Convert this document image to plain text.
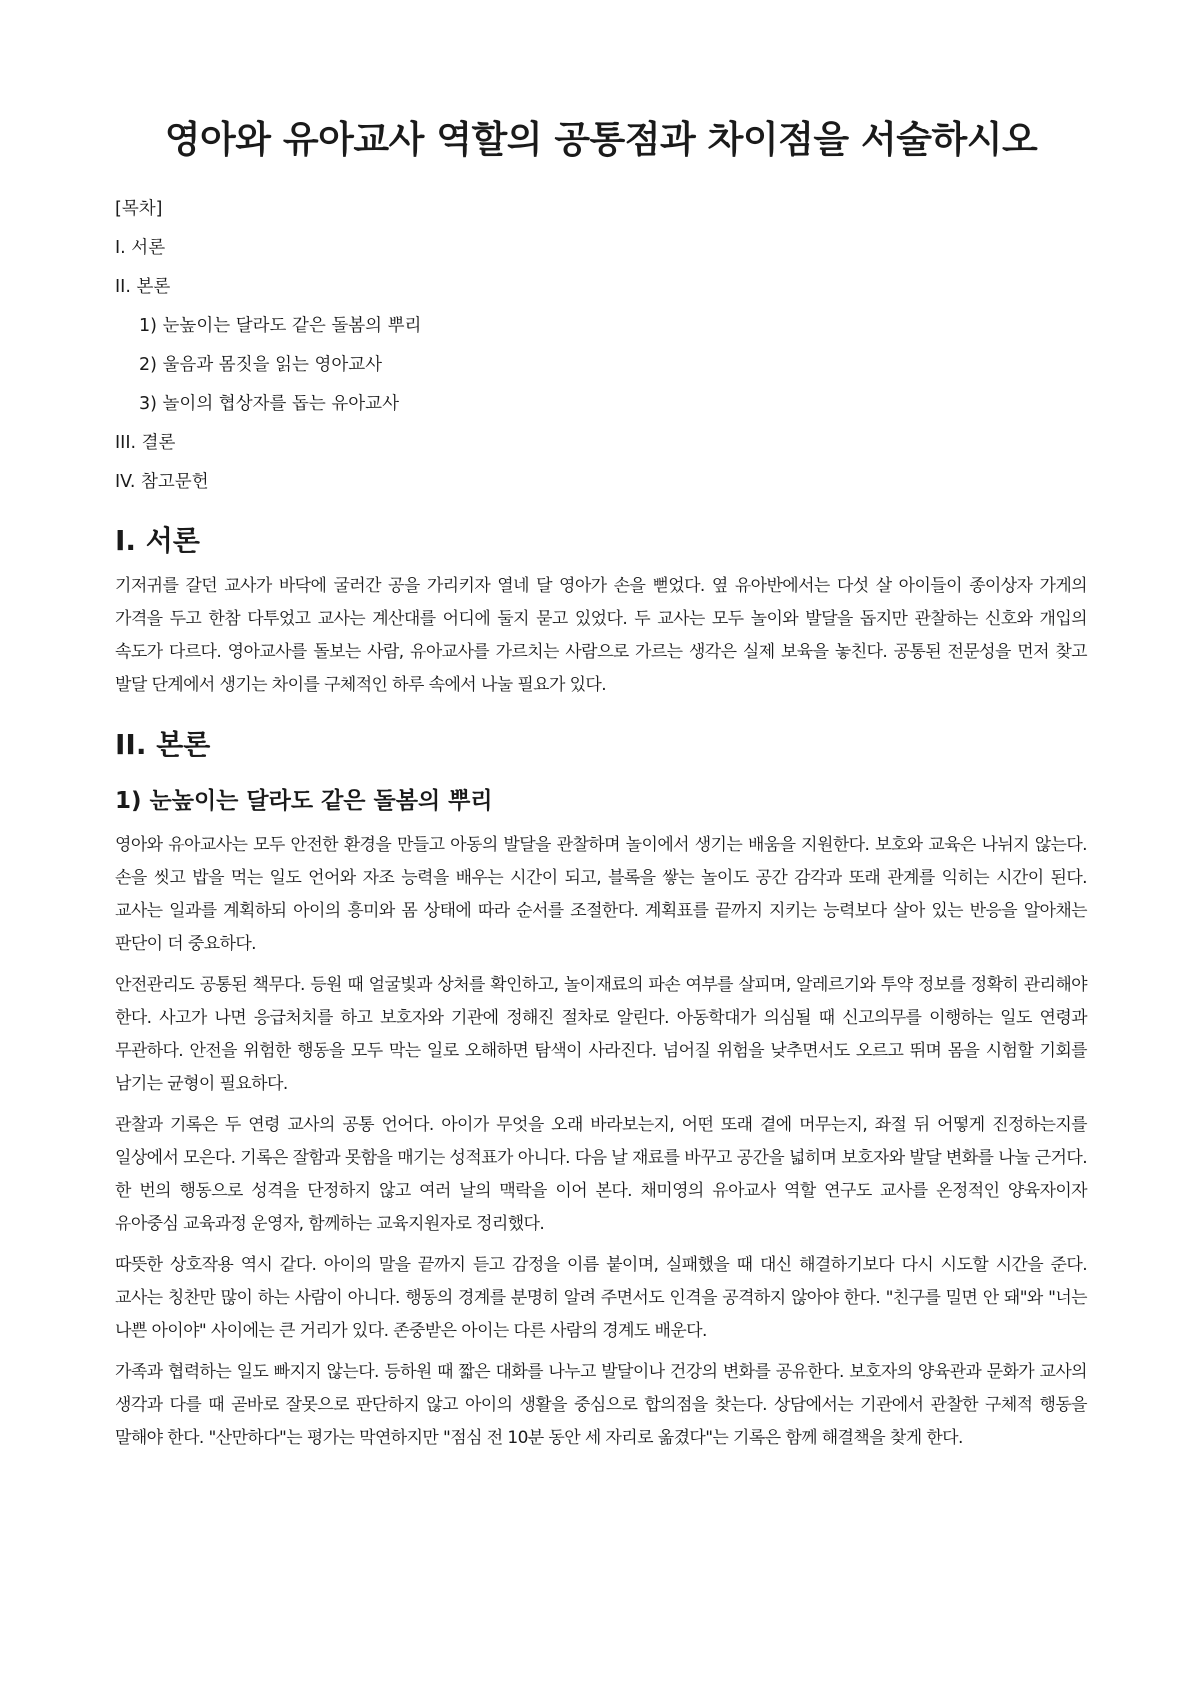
영아와 유아교사 역할의 공통점과 차이점을 서술하시오
[목차]
I. 서론
II. 본론
1) 눈높이는 달라도 같은 돌봄의 뿌리
2) 울음과 몸짓을 읽는 영아교사
3) 놀이의 협상자를 돕는 유아교사
III. 결론
IV. 참고문헌
I. 서론

기저귀를 갈던 교사가 바닥에 굴러간 공을 가리키자 열네 달 영아가 손을 뻗었다. 옆 유아반에서는 다섯 살 아이들이 종이상자 가게의 가격을 두고 한참 다투었고 교사는 계산대를 어디에 둘지 묻고 있었다. 두 교사는 모두 놀이와 발달을 돕지만 관찰하는 신호와 개입의 속도가 다르다. 영아교사를 돌보는 사람, 유아교사를 가르치는 사람으로 가르는 생각은 실제 보육을 놓친다. 공통된 전문성을 먼저 찾고 발달 단계에서 생기는 차이를 구체적인 하루 속에서 나눌 필요가 있다.

II. 본론
1) 눈높이는 달라도 같은 돌봄의 뿌리

영아와 유아교사는 모두 안전한 환경을 만들고 아동의 발달을 관찰하며 놀이에서 생기는 배움을 지원한다. 보호와 교육은 나뉘지 않는다. 손을 씻고 밥을 먹는 일도 언어와 자조 능력을 배우는 시간이 되고, 블록을 쌓는 놀이도 공간 감각과 또래 관계를 익히는 시간이 된다. 교사는 일과를 계획하되 아이의 흥미와 몸 상태에 따라 순서를 조절한다. 계획표를 끝까지 지키는 능력보다 살아 있는 반응을 알아채는 판단이 더 중요하다.

안전관리도 공통된 책무다. 등원 때 얼굴빛과 상처를 확인하고, 놀이재료의 파손 여부를 살피며, 알레르기와 투약 정보를 정확히 관리해야 한다. 사고가 나면 응급처치를 하고 보호자와 기관에 정해진 절차로 알린다. 아동학대가 의심될 때 신고의무를 이행하는 일도 연령과 무관하다. 안전을 위험한 행동을 모두 막는 일로 오해하면 탐색이 사라진다. 넘어질 위험을 낮추면서도 오르고 뛰며 몸을 시험할 기회를 남기는 균형이 필요하다.

관찰과 기록은 두 연령 교사의 공통 언어다. 아이가 무엇을 오래 바라보는지, 어떤 또래 곁에 머무는지, 좌절 뒤 어떻게 진정하는지를 일상에서 모은다. 기록은 잘함과 못함을 매기는 성적표가 아니다. 다음 날 재료를 바꾸고 공간을 넓히며 보호자와 발달 변화를 나눌 근거다. 한 번의 행동으로 성격을 단정하지 않고 여러 날의 맥락을 이어 본다. 채미영의 유아교사 역할 연구도 교사를 온정적인 양육자이자 유아중심 교육과정 운영자, 함께하는 교육지원자로 정리했다.

따뜻한 상호작용 역시 같다. 아이의 말을 끝까지 듣고 감정을 이름 붙이며, 실패했을 때 대신 해결하기보다 다시 시도할 시간을 준다. 교사는 칭찬만 많이 하는 사람이 아니다. 행동의 경계를 분명히 알려 주면서도 인격을 공격하지 않아야 한다. "친구를 밀면 안 돼"와 "너는 나쁜 아이야" 사이에는 큰 거리가 있다. 존중받은 아이는 다른 사람의 경계도 배운다.

가족과 협력하는 일도 빠지지 않는다. 등하원 때 짧은 대화를 나누고 발달이나 건강의 변화를 공유한다. 보호자의 양육관과 문화가 교사의 생각과 다를 때 곧바로 잘못으로 판단하지 않고 아이의 생활을 중심으로 합의점을 찾는다. 상담에서는 기관에서 관찰한 구체적 행동을 말해야 한다. "산만하다"는 평가는 막연하지만 "점심 전 10분 동안 세 자리로 옮겼다"는 기록은 함께 해결책을 찾게 한다.
